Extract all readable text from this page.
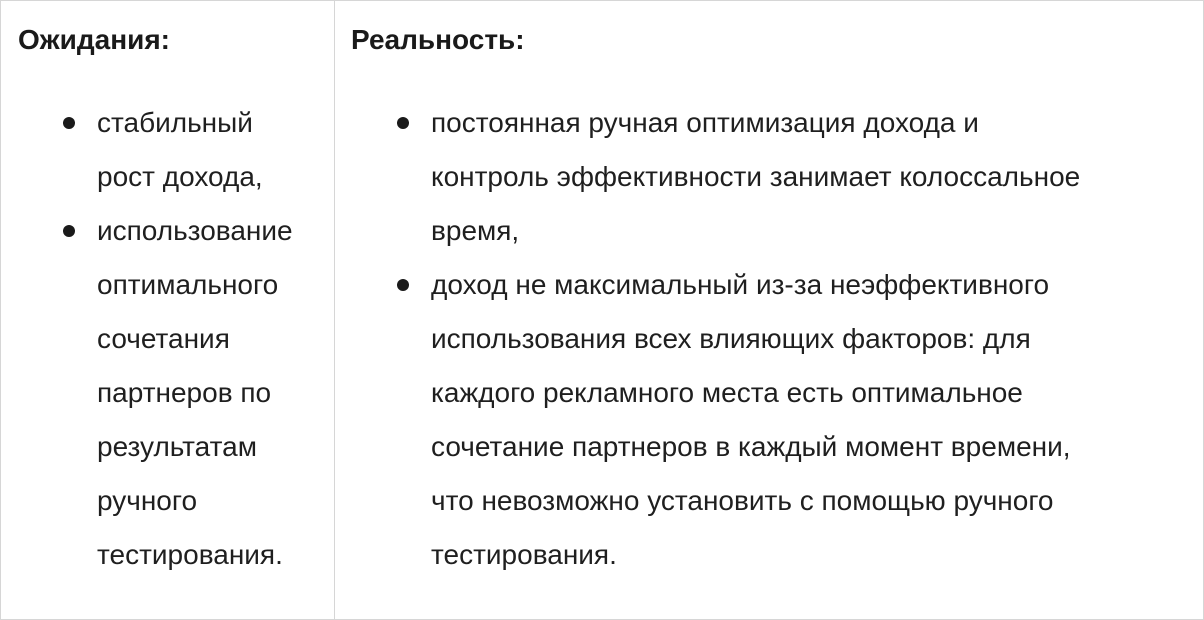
Ожидания:
стабильный
рост дохода,
использование
оптимального
сочетания
партнеров по
результатам
ручного
тестирования.
Реальность:
постоянная ручная оптимизация дохода и
контроль эффективности занимает колоссальное
время,
доход не максимальный из-за неэффективного
использования всех влияющих факторов: для
каждого рекламного места есть оптимальное
сочетание партнеров в каждый момент времени,
что невозможно установить с помощью ручного
тестирования.
